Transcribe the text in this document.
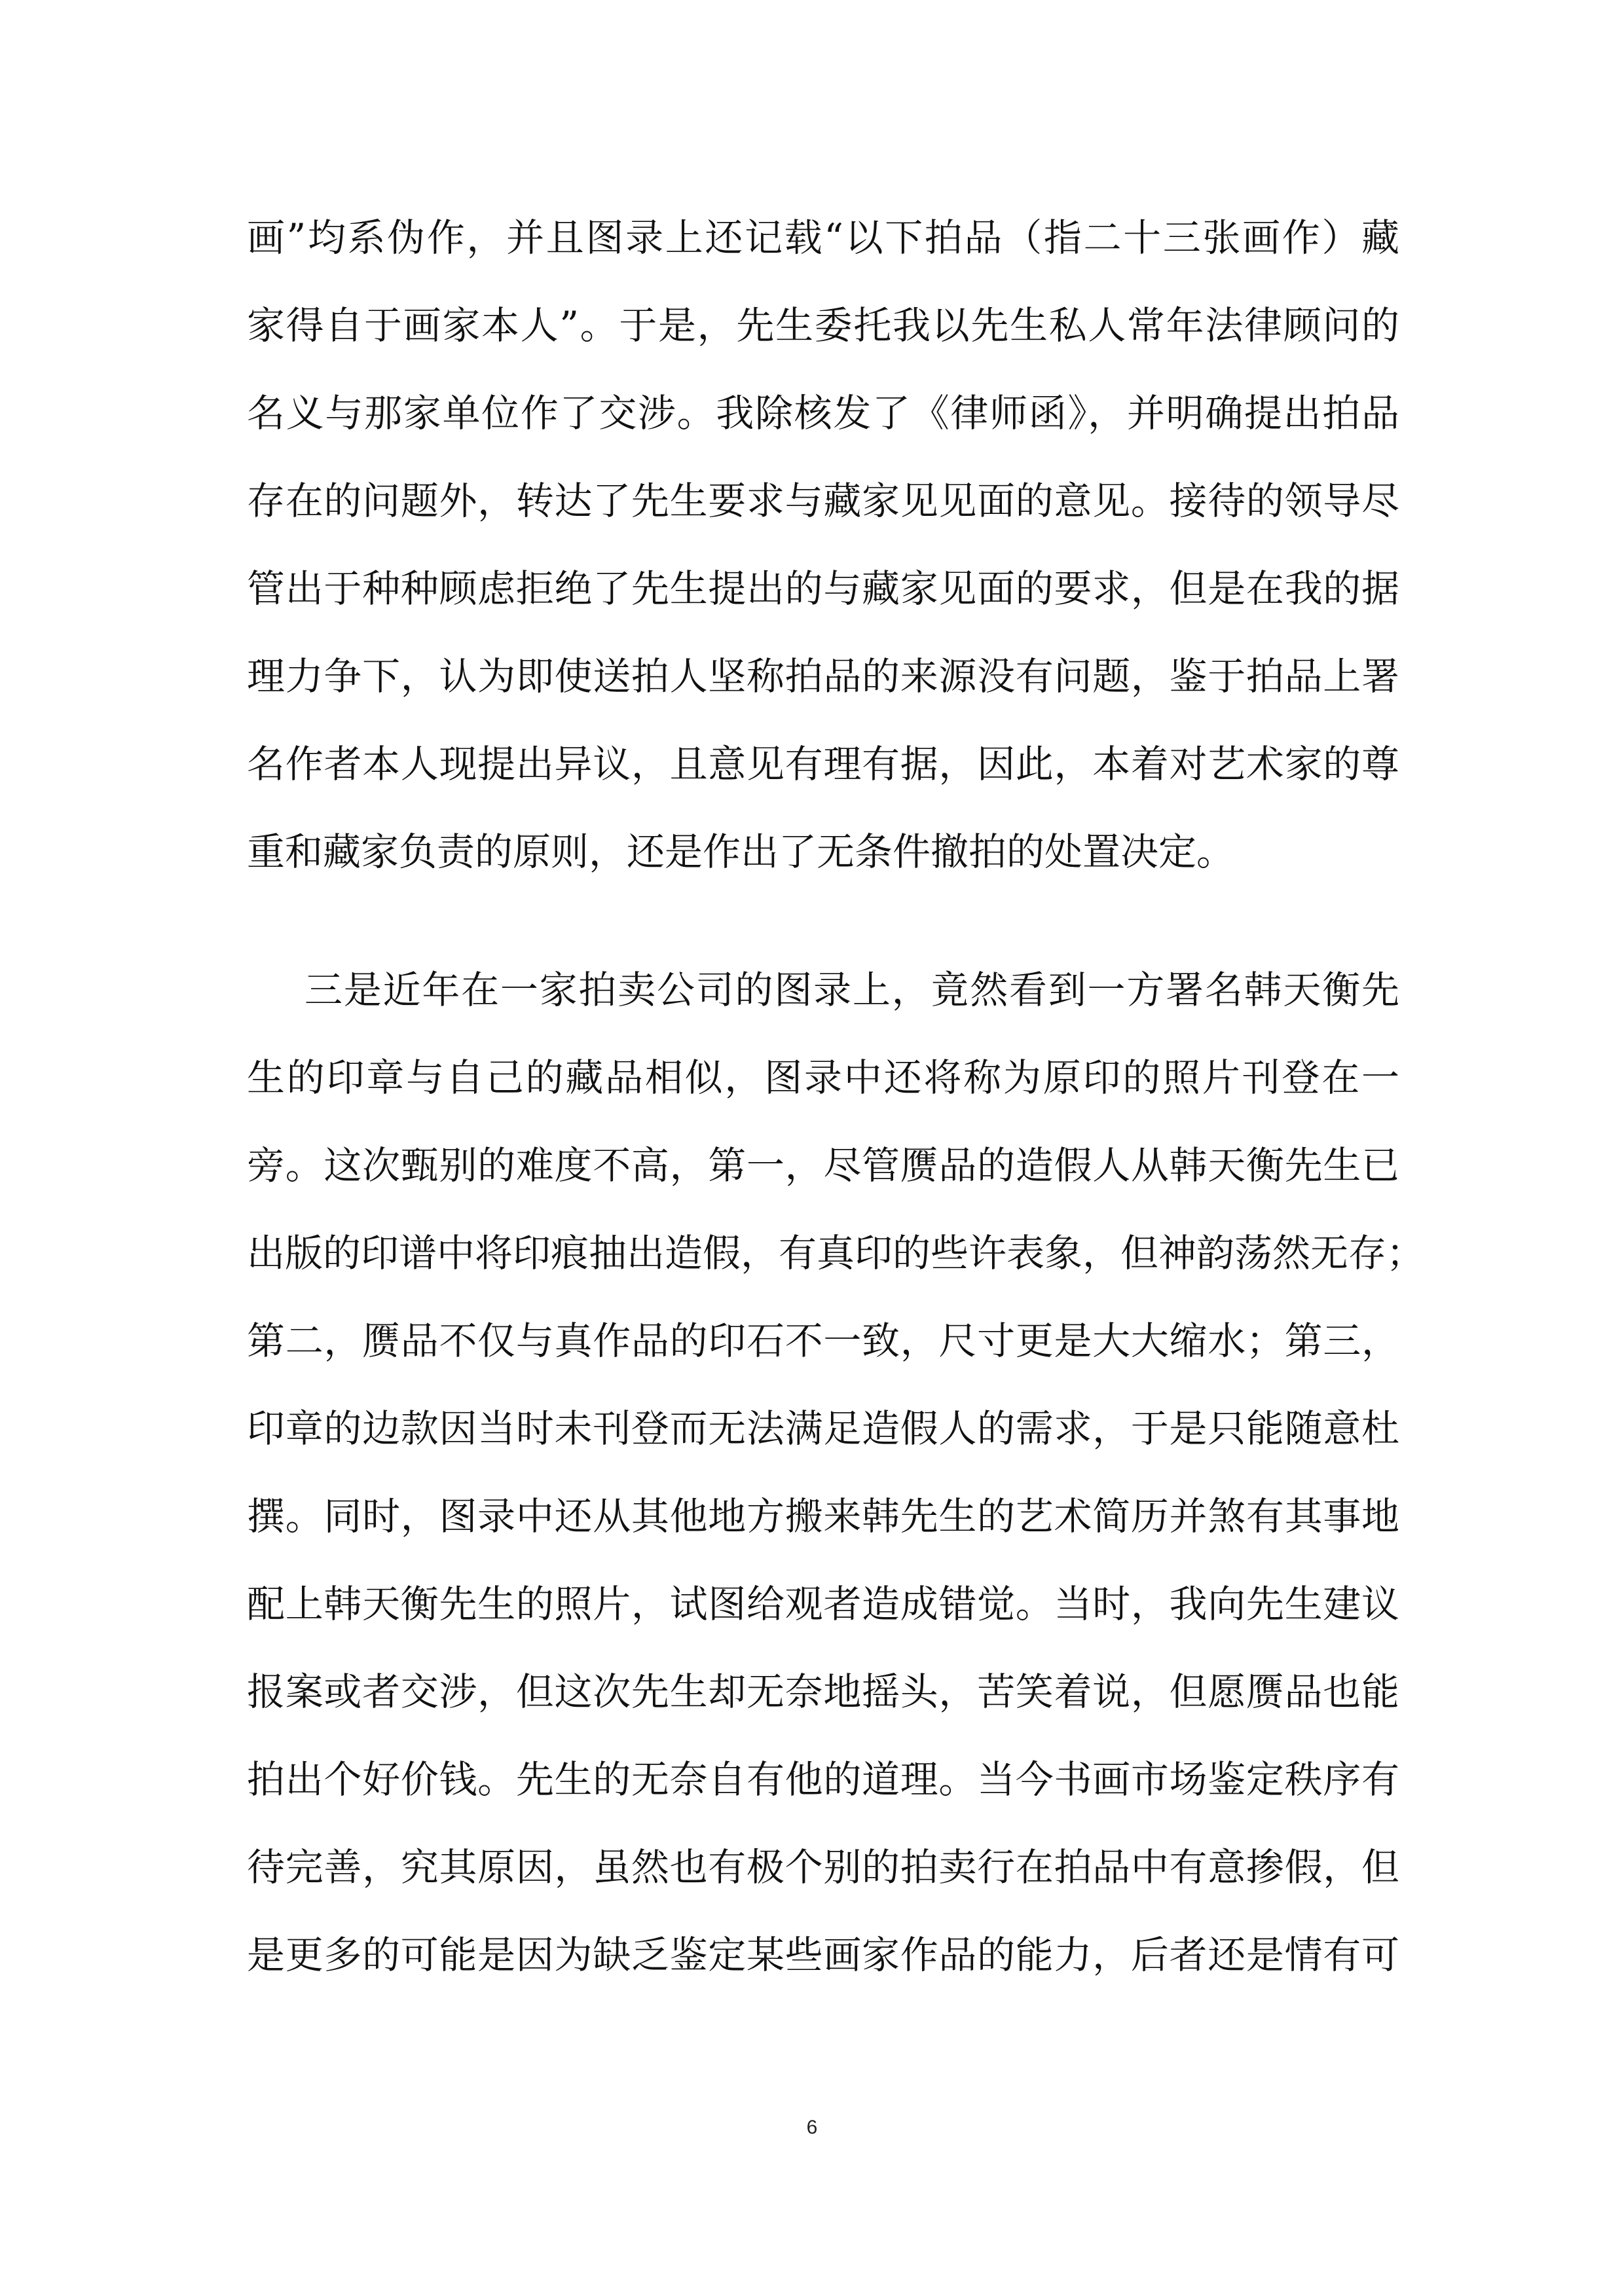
画”均系伪作，并且图录上还记载“以下拍品（指二十三张画作）藏
家得自于画家本人”。于是，先生委托我以先生私人常年法律顾问的
名义与那家单位作了交涉。我除核发了《律师函》，并明确提出拍品
存在的问题外，转达了先生要求与藏家见见面的意见。接待的领导尽
管出于种种顾虑拒绝了先生提出的与藏家见面的要求，但是在我的据
理力争下，认为即使送拍人坚称拍品的来源没有问题，鉴于拍品上署
名作者本人现提出异议，且意见有理有据，因此，本着对艺术家的尊
重和藏家负责的原则，还是作出了无条件撤拍的处置决定。
三是近年在一家拍卖公司的图录上，竟然看到一方署名韩天衡先
生的印章与自己的藏品相似，图录中还将称为原印的照片刊登在一
旁。这次甄别的难度不高，第一，尽管赝品的造假人从韩天衡先生已
出版的印谱中将印痕抽出造假，有真印的些许表象，但神韵荡然无存；
第二，赝品不仅与真作品的印石不一致，尺寸更是大大缩水；第三，
印章的边款因当时未刊登而无法满足造假人的需求，于是只能随意杜
撰。同时，图录中还从其他地方搬来韩先生的艺术简历并煞有其事地
配上韩天衡先生的照片，试图给观者造成错觉。当时，我向先生建议
报案或者交涉，但这次先生却无奈地摇头，苦笑着说，但愿赝品也能
拍出个好价钱。先生的无奈自有他的道理。当今书画市场鉴定秩序有
待完善，究其原因，虽然也有极个别的拍卖行在拍品中有意掺假，但
是更多的可能是因为缺乏鉴定某些画家作品的能力，后者还是情有可
6
